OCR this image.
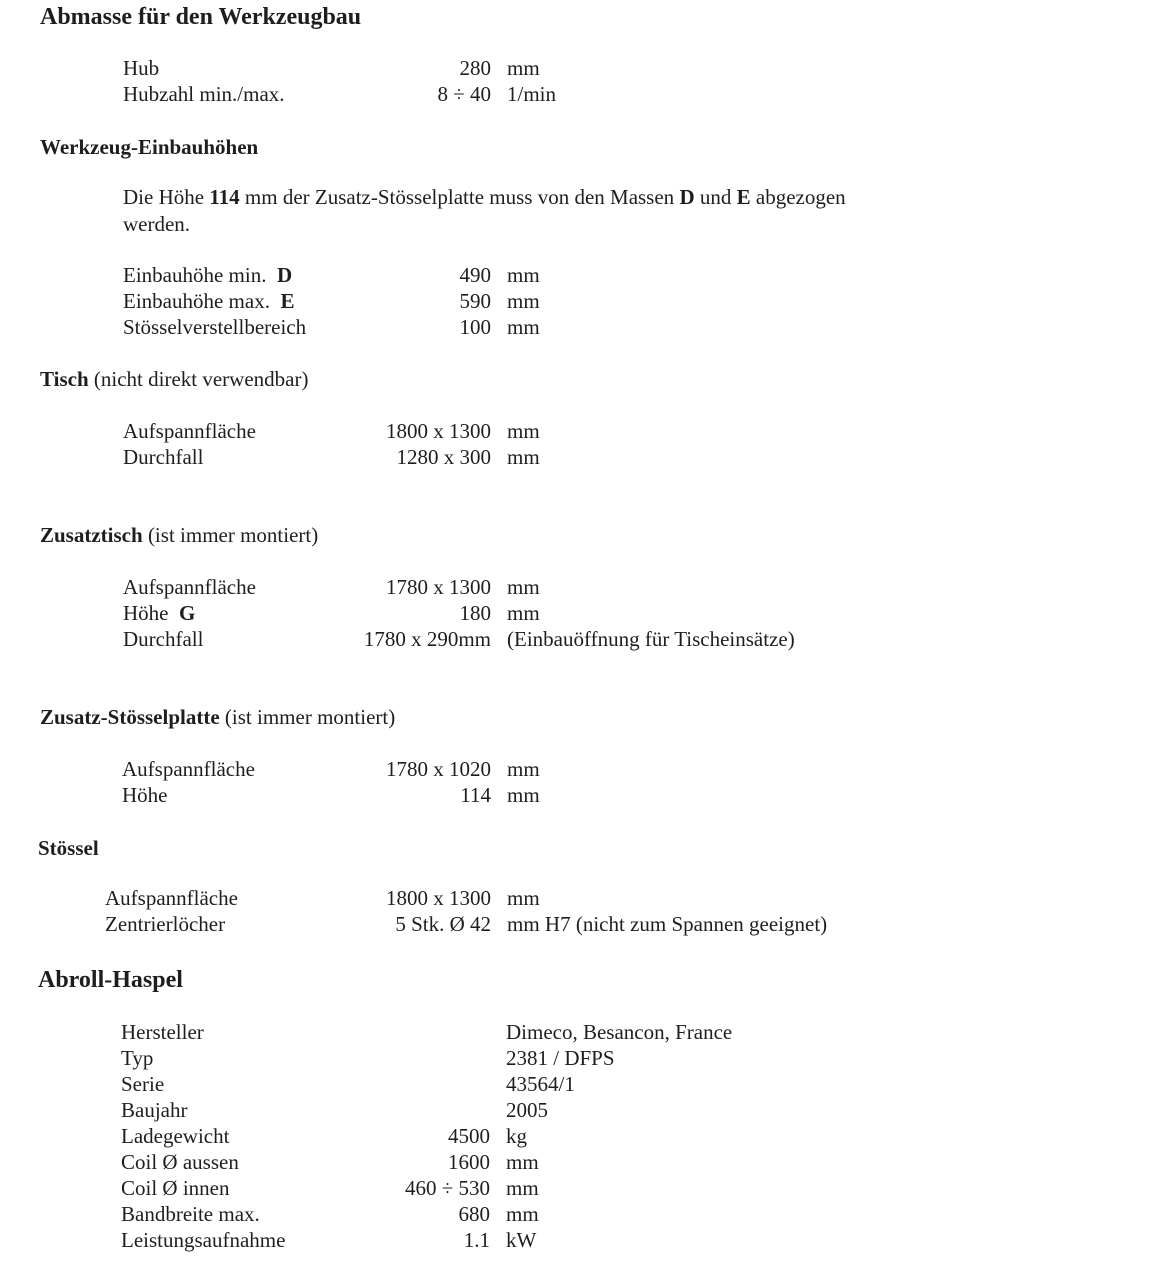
Abmasse für den Werkzeugbau
Hub	280 mm
Hubzahl min./max.	8 ÷ 40 1/min
Werkzeug-Einbauhöhen
Die Höhe 114 mm der Zusatz-Stösselplatte muss von den Massen D und E abgezogen
werden.
Einbauhöhe min. D	490 mm
Einbauhöhe max. E	590 mm
Stösselverstellbereich	100 mm
Tisch (nicht direkt verwendbar)
Aufspannfläche	1800 x 1300 mm
Durchfall	1280 x 300 mm
Zusatztisch (ist immer montiert)
Aufspannfläche	1780 x 1300 mm
Höhe G	180 mm
Durchfall	1780 x 290mm (Einbauöffnung für Tischeinsätze)
Zusatz-Stösselplatte (ist immer montiert)
Aufspannfläche	1780 x 1020 mm
Höhe	114 mm
Stössel
Aufspannfläche	1800 x 1300 mm
Zentrierlöcher	5 Stk. Ø 42 mm H7 (nicht zum Spannen geeignet)
Abroll-Haspel
Hersteller	Dimeco, Besancon, France
Typ	2381 / DFPS
Serie	43564/1
Baujahr	2005
Ladegewicht	4500 kg
Coil Ø aussen	1600 mm
Coil Ø innen	460 ÷ 530 mm
Bandbreite max.	680 mm
Leistungsaufnahme	1.1 kW
